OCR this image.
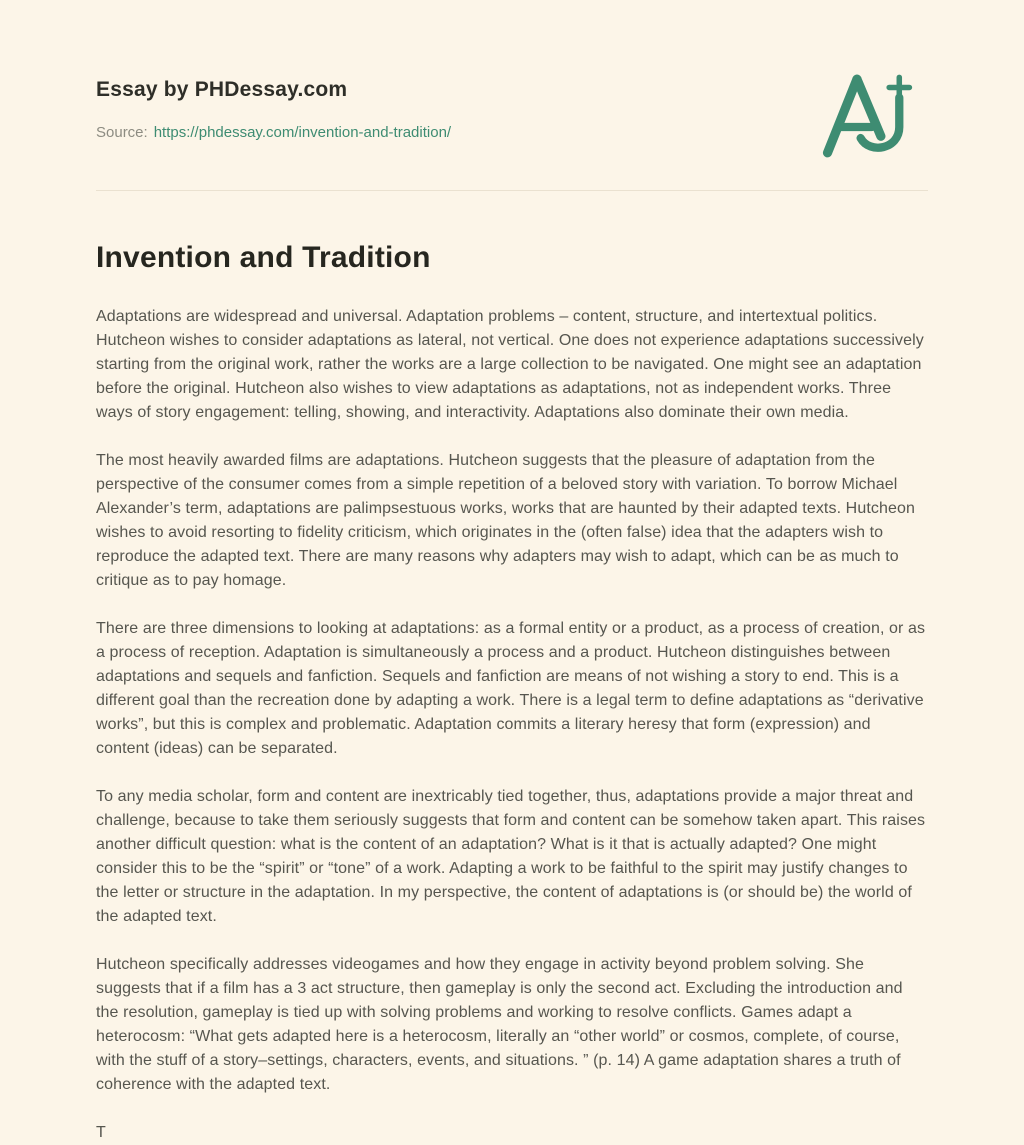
Essay by PHDessay.com
Source: https://phdessay.com/invention-and-tradition/
Invention and Tradition

Adaptations are widespread and universal. Adaptation problems – content, structure, and intertextual politics. Hutcheon wishes to consider adaptations as lateral, not vertical. One does not experience adaptations successively starting from the original work, rather the works are a large collection to be navigated. One might see an adaptation before the original. Hutcheon also wishes to view adaptations as adaptations, not as independent works. Three ways of story engagement: telling, showing, and interactivity. Adaptations also dominate their own media.

The most heavily awarded films are adaptations. Hutcheon suggests that the pleasure of adaptation from the perspective of the consumer comes from a simple repetition of a beloved story with variation. To borrow Michael Alexander’s term, adaptations are palimpsestuous works, works that are haunted by their adapted texts. Hutcheon wishes to avoid resorting to fidelity criticism, which originates in the (often false) idea that the adapters wish to reproduce the adapted text. There are many reasons why adapters may wish to adapt, which can be as much to critique as to pay homage.

There are three dimensions to looking at adaptations: as a formal entity or a product, as a process of creation, or as a process of reception. Adaptation is simultaneously a process and a product. Hutcheon distinguishes between adaptations and sequels and fanfiction. Sequels and fanfiction are means of not wishing a story to end. This is a different goal than the recreation done by adapting a work. There is a legal term to define adaptations as “derivative works”, but this is complex and problematic. Adaptation commits a literary heresy that form (expression) and content (ideas) can be separated.

To any media scholar, form and content are inextricably tied together, thus, adaptations provide a major threat and challenge, because to take them seriously suggests that form and content can be somehow taken apart. This raises another difficult question: what is the content of an adaptation? What is it that is actually adapted? One might consider this to be the “spirit” or “tone” of a work. Adapting a work to be faithful to the spirit may justify changes to the letter or structure in the adaptation. In my perspective, the content of adaptations is (or should be) the world of the adapted text.

Hutcheon specifically addresses videogames and how they engage in activity beyond problem solving. She suggests that if a film has a 3 act structure, then gameplay is only the second act. Excluding the introduction and the resolution, gameplay is tied up with solving problems and working to resolve conflicts. Games adapt a heterocosm: “What gets adapted here is a heterocosm, literally an “other world” or cosmos, complete, of course, with the stuff of a story–settings, characters, events, and situations. ” (p. 14) A game adaptation shares a truth of coherence with the adapted text.

T
